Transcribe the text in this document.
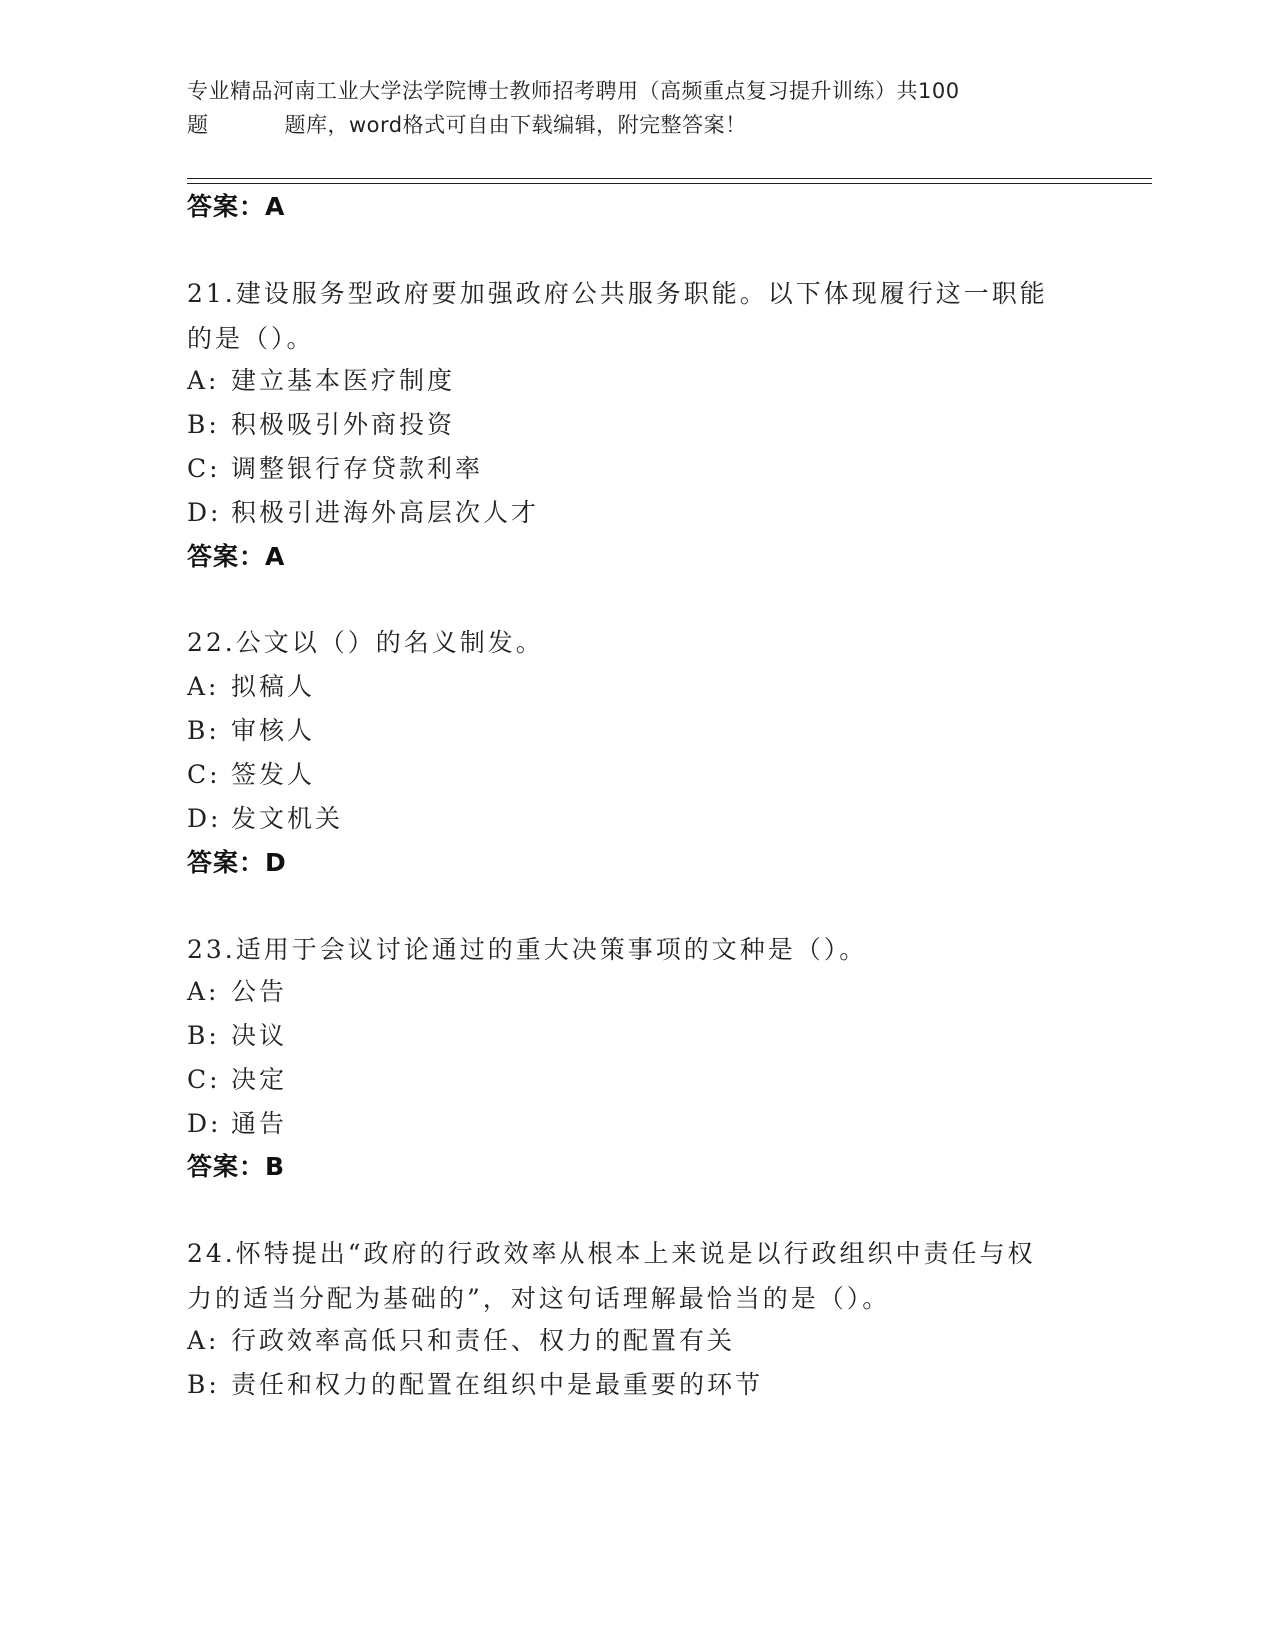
专业精品河南工业大学法学院博士教师招考聘用（高频重点复习提升训练）共100
题	题库，word格式可自由下载编辑，附完整答案！
答案：A
21.建设服务型政府要加强政府公共服务职能。以下体现履行这一职能
的是（）。
A: 建立基本医疗制度
B: 积极吸引外商投资
C: 调整银行存贷款利率
D: 积极引进海外高层次人才
答案：A
22.公文以（）的名义制发。
A: 拟稿人
B: 审核人
C: 签发人
D: 发文机关
答案：D
23.适用于会议讨论通过的重大决策事项的文种是（）。
A: 公告
B: 决议
C: 决定
D: 通告
答案：B
24.怀特提出“政府的行政效率从根本上来说是以行政组织中责任与权
力的适当分配为基础的”，对这句话理解最恰当的是（）。
A: 行政效率高低只和责任、权力的配置有关
B: 责任和权力的配置在组织中是最重要的环节
